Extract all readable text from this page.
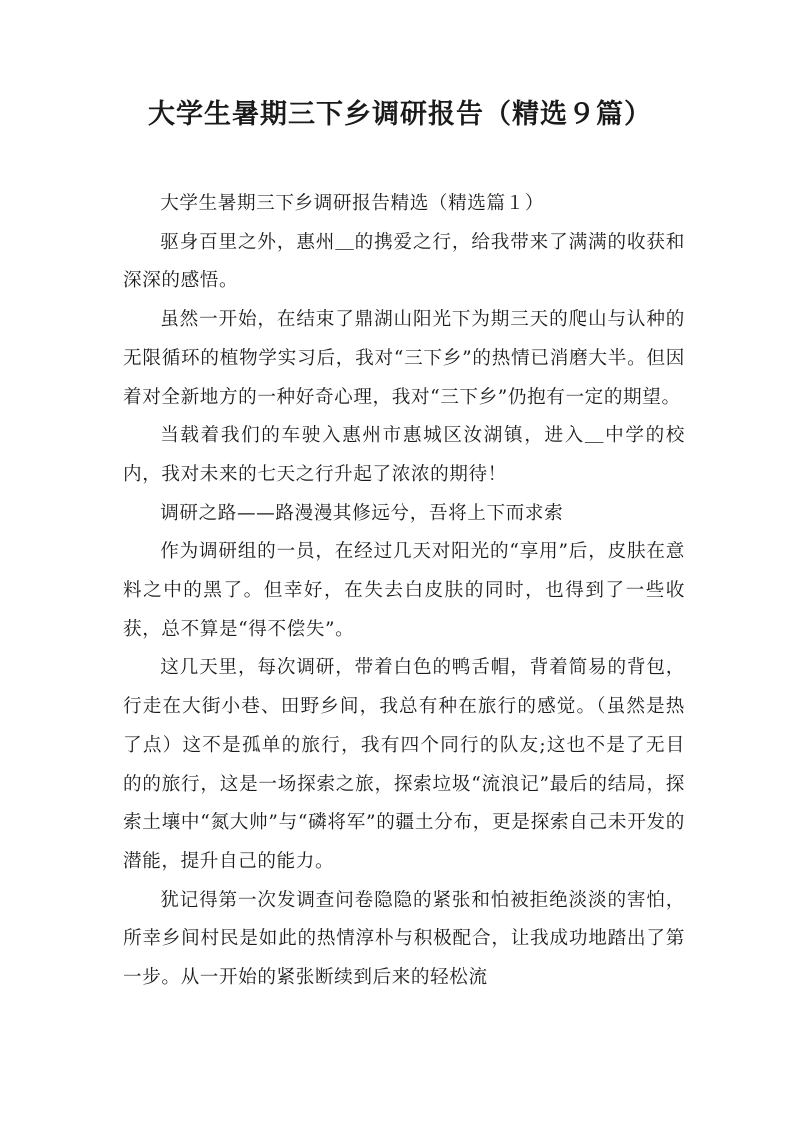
大学生暑期三下乡调研报告（精选９篇）

大学生暑期三下乡调研报告精选（精选篇１）

驱身百里之外，惠州＿的携爱之行，给我带来了满满的收获和深深的感悟。

虽然一开始，在结束了鼎湖山阳光下为期三天的爬山与认种的无限循环的植物学实习后，我对“三下乡”的热情已消磨大半。但因着对全新地方的一种好奇心理，我对“三下乡”仍抱有一定的期望。

当载着我们的车驶入惠州市惠城区汝湖镇，进入＿中学的校内，我对未来的七天之行升起了浓浓的期待！

调研之路——路漫漫其修远兮，吾将上下而求索

作为调研组的一员，在经过几天对阳光的“享用”后，皮肤在意料之中的黑了。但幸好，在失去白皮肤的同时，也得到了一些收获，总不算是“得不偿失”。

这几天里，每次调研，带着白色的鸭舌帽，背着简易的背包，行走在大街小巷、田野乡间，我总有种在旅行的感觉。（虽然是热了点）这不是孤单的旅行，我有四个同行的队友;这也不是了无目的的旅行，这是一场探索之旅，探索垃圾“流浪记”最后的结局，探索土壤中“氮大帅”与“磷将军”的疆土分布，更是探索自己未开发的潜能，提升自己的能力。

犹记得第一次发调查问卷隐隐的紧张和怕被拒绝淡淡的害怕，所幸乡间村民是如此的热情淳朴与积极配合，让我成功地踏出了第一步。从一开始的紧张断续到后来的轻松流
